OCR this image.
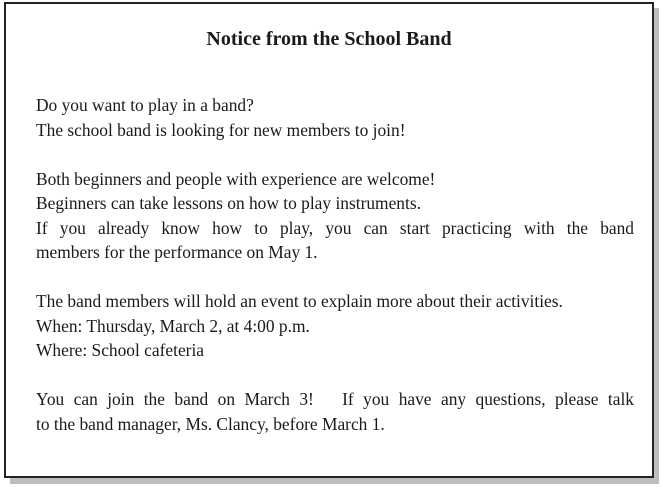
Notice from the School Band

Do you want to play in a band?
The school band is looking for new members to join!

Both beginners and people with experience are welcome!
Beginners can take lessons on how to play instruments.
If you already know how to play, you can start practicing with the band
members for the performance on May 1.

The band members will hold an event to explain more about their activities.
When: Thursday, March 2, at 4:00 p.m.
Where: School cafeteria

You can join the band on March 3!   If you have any questions, please talk
to the band manager, Ms. Clancy, before March 1.
